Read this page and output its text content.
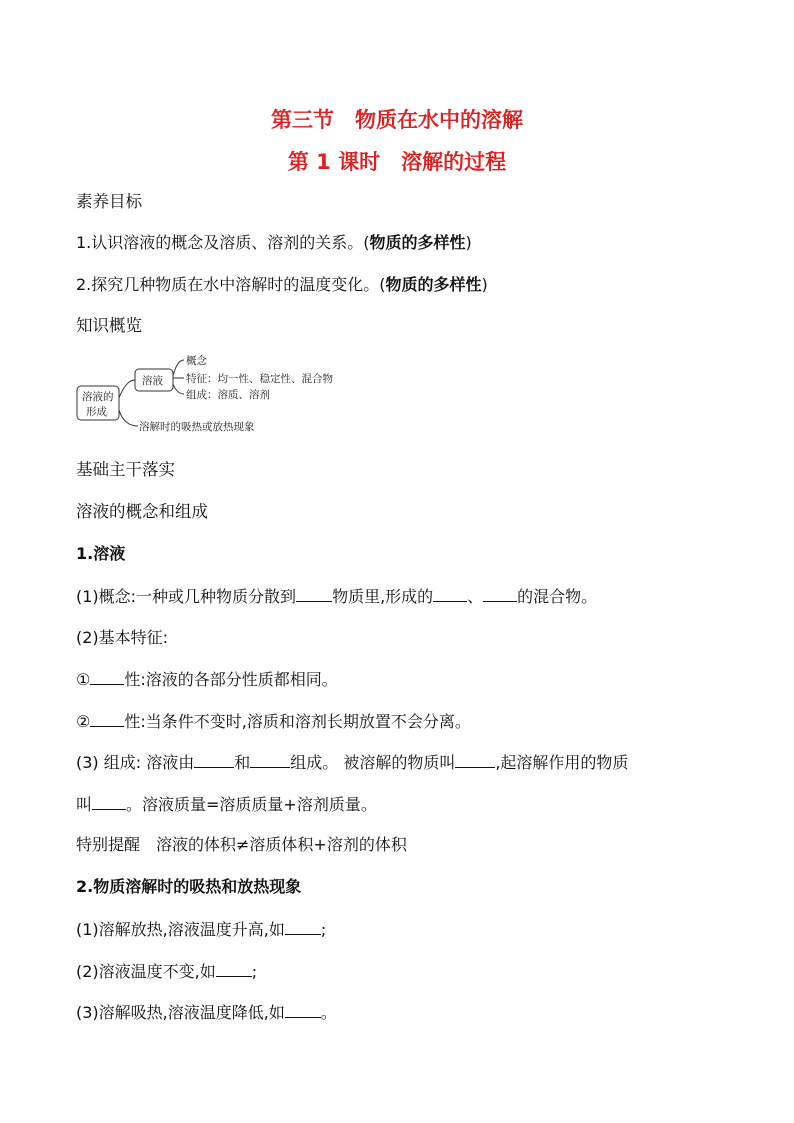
第三节　物质在水中的溶解
第 1 课时　溶解的过程
素养目标
1.认识溶液的概念及溶质、溶剂的关系。(物质的多样性)
2.探究几种物质在水中溶解时的温度变化。(物质的多样性)
知识概览
溶液的
形成
溶液
概念
特征：均一性、稳定性、混合物
组成：溶质、溶剂
溶解时的吸热或放热现象
基础主干落实
溶液的概念和组成
1.溶液
(1)概念:一种或几种物质分散到 物质里,形成的 、 的混合物。
(2)基本特征:
① 性:溶液的各部分性质都相同。
② 性:当条件不变时,溶质和溶剂长期放置不会分离。
(3) 组成: 溶液由	和	组成。 被溶解的物质叫	,起溶解作用的物质
叫 。溶液质量=溶质质量+溶剂质量。
特别提醒　溶液的体积≠溶质体积+溶剂的体积
2.物质溶解时的吸热和放热现象
(1)溶解放热,溶液温度升高,如 ;
(2)溶液温度不变,如 ;
(3)溶解吸热,溶液温度降低,如 。
